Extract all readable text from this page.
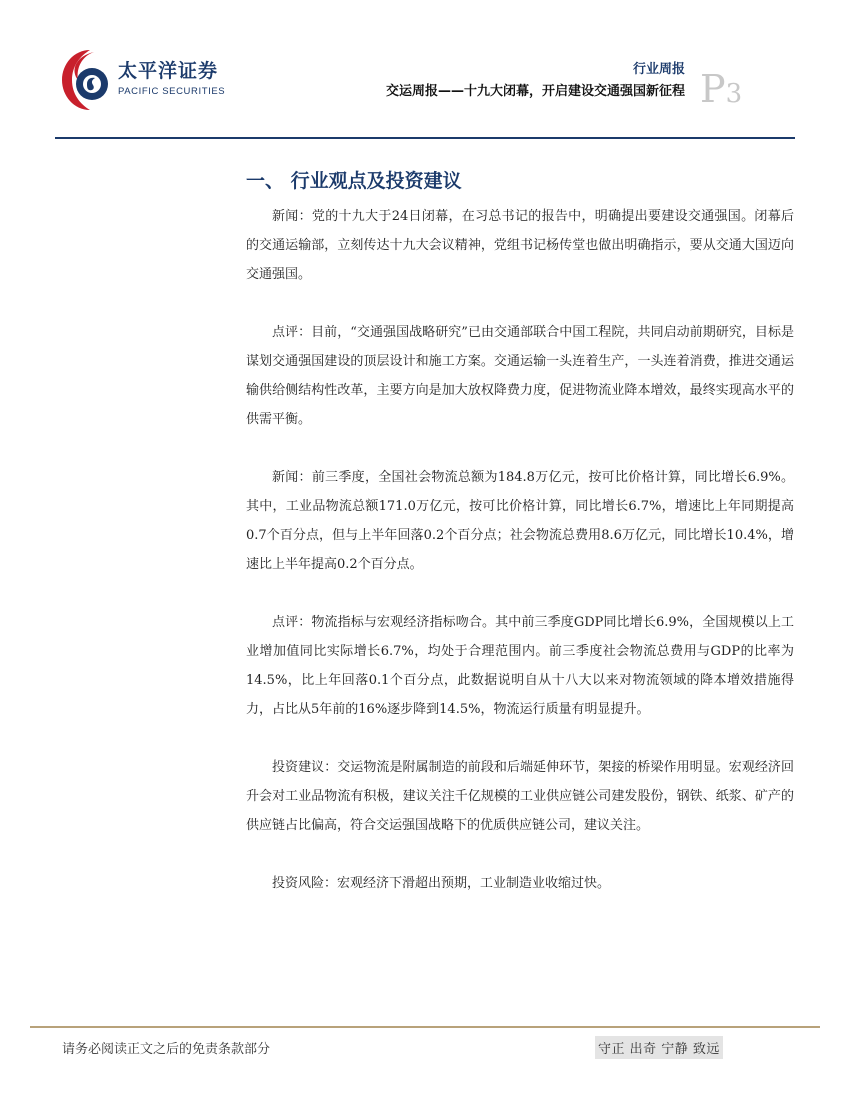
太平洋证券
PACIFIC SECURITIES
行业周报
交运周报——十九大闭幕，开启建设交通强国新征程 P3
一、 行业观点及投资建议

新闻：党的十九大于24日闭幕，在习总书记的报告中，明确提出要建设交通强国。闭幕后的交通运输部，立刻传达十九大会议精神，党组书记杨传堂也做出明确指示，要从交通大国迈向交通强国。

点评：目前，“交通强国战略研究”已由交通部联合中国工程院，共同启动前期研究，目标是谋划交通强国建设的顶层设计和施工方案。交通运输一头连着生产，一头连着消费，推进交通运输供给侧结构性改革，主要方向是加大放权降费力度，促进物流业降本增效，最终实现高水平的供需平衡。

新闻：前三季度，全国社会物流总额为184.8万亿元，按可比价格计算，同比增长6.9%。其中，工业品物流总额171.0万亿元，按可比价格计算，同比增长6.7%，增速比上年同期提高0.7个百分点，但与上半年回落0.2个百分点；社会物流总费用8.6万亿元，同比增长10.4%，增速比上半年提高0.2个百分点。

点评：物流指标与宏观经济指标吻合。其中前三季度GDP同比增长6.9%，全国规模以上工业增加值同比实际增长6.7%，均处于合理范围内。前三季度社会物流总费用与GDP的比率为14.5%，比上年回落0.1个百分点，此数据说明自从十八大以来对物流领域的降本增效措施得力，占比从5年前的16%逐步降到14.5%，物流运行质量有明显提升。

投资建议：交运物流是附属制造的前段和后端延伸环节，架接的桥梁作用明显。宏观经济回升会对工业品物流有积极，建议关注千亿规模的工业供应链公司建发股份，钢铁、纸浆、矿产的供应链占比偏高，符合交运强国战略下的优质供应链公司，建议关注。

投资风险：宏观经济下滑超出预期，工业制造业收缩过快。

请务必阅读正文之后的免责条款部分	守正 出奇 宁静 致远
